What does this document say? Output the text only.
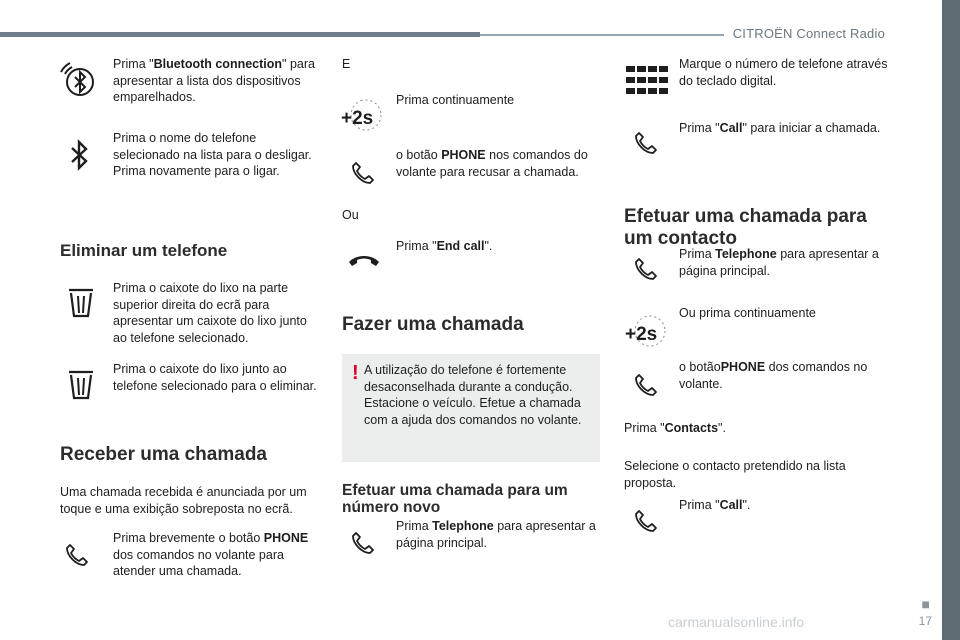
CITROËN Connect Radio
■
17
carmanualsonline.info
Prima "Bluetooth connection" para apresentar a lista dos dispositivos emparelhados.
Prima o nome do telefone selecionado na lista para o desligar. Prima novamente para o ligar.
Eliminar um telefone
Prima o caixote do lixo na parte superior direita do ecrã para apresentar um caixote do lixo junto ao telefone selecionado.
Prima o caixote do lixo junto ao telefone selecionado para o eliminar.
Receber uma chamada
Uma chamada recebida é anunciada por um toque e uma exibição sobreposta no ecrã.
Prima brevemente o botão PHONE dos comandos no volante para atender uma chamada.
E
+2s
Prima continuamente
o botão PHONE nos comandos do volante para recusar a chamada.
Ou
Prima "End call".
Fazer uma chamada
! A utilização do telefone é fortemente desaconselhada durante a condução. Estacione o veículo. Efetue a chamada com a ajuda dos comandos no volante.
Efetuar uma chamada para um número novo
Prima Telephone para apresentar a página principal.
Marque o número de telefone através do teclado digital.
Prima "Call" para iniciar a chamada.
Efetuar uma chamada para um contacto
Prima Telephone para apresentar a página principal.
+2s
Ou prima continuamente
o botãoPHONE dos comandos no volante.
Prima "Contacts".
Selecione o contacto pretendido na lista proposta.
Prima "Call".
